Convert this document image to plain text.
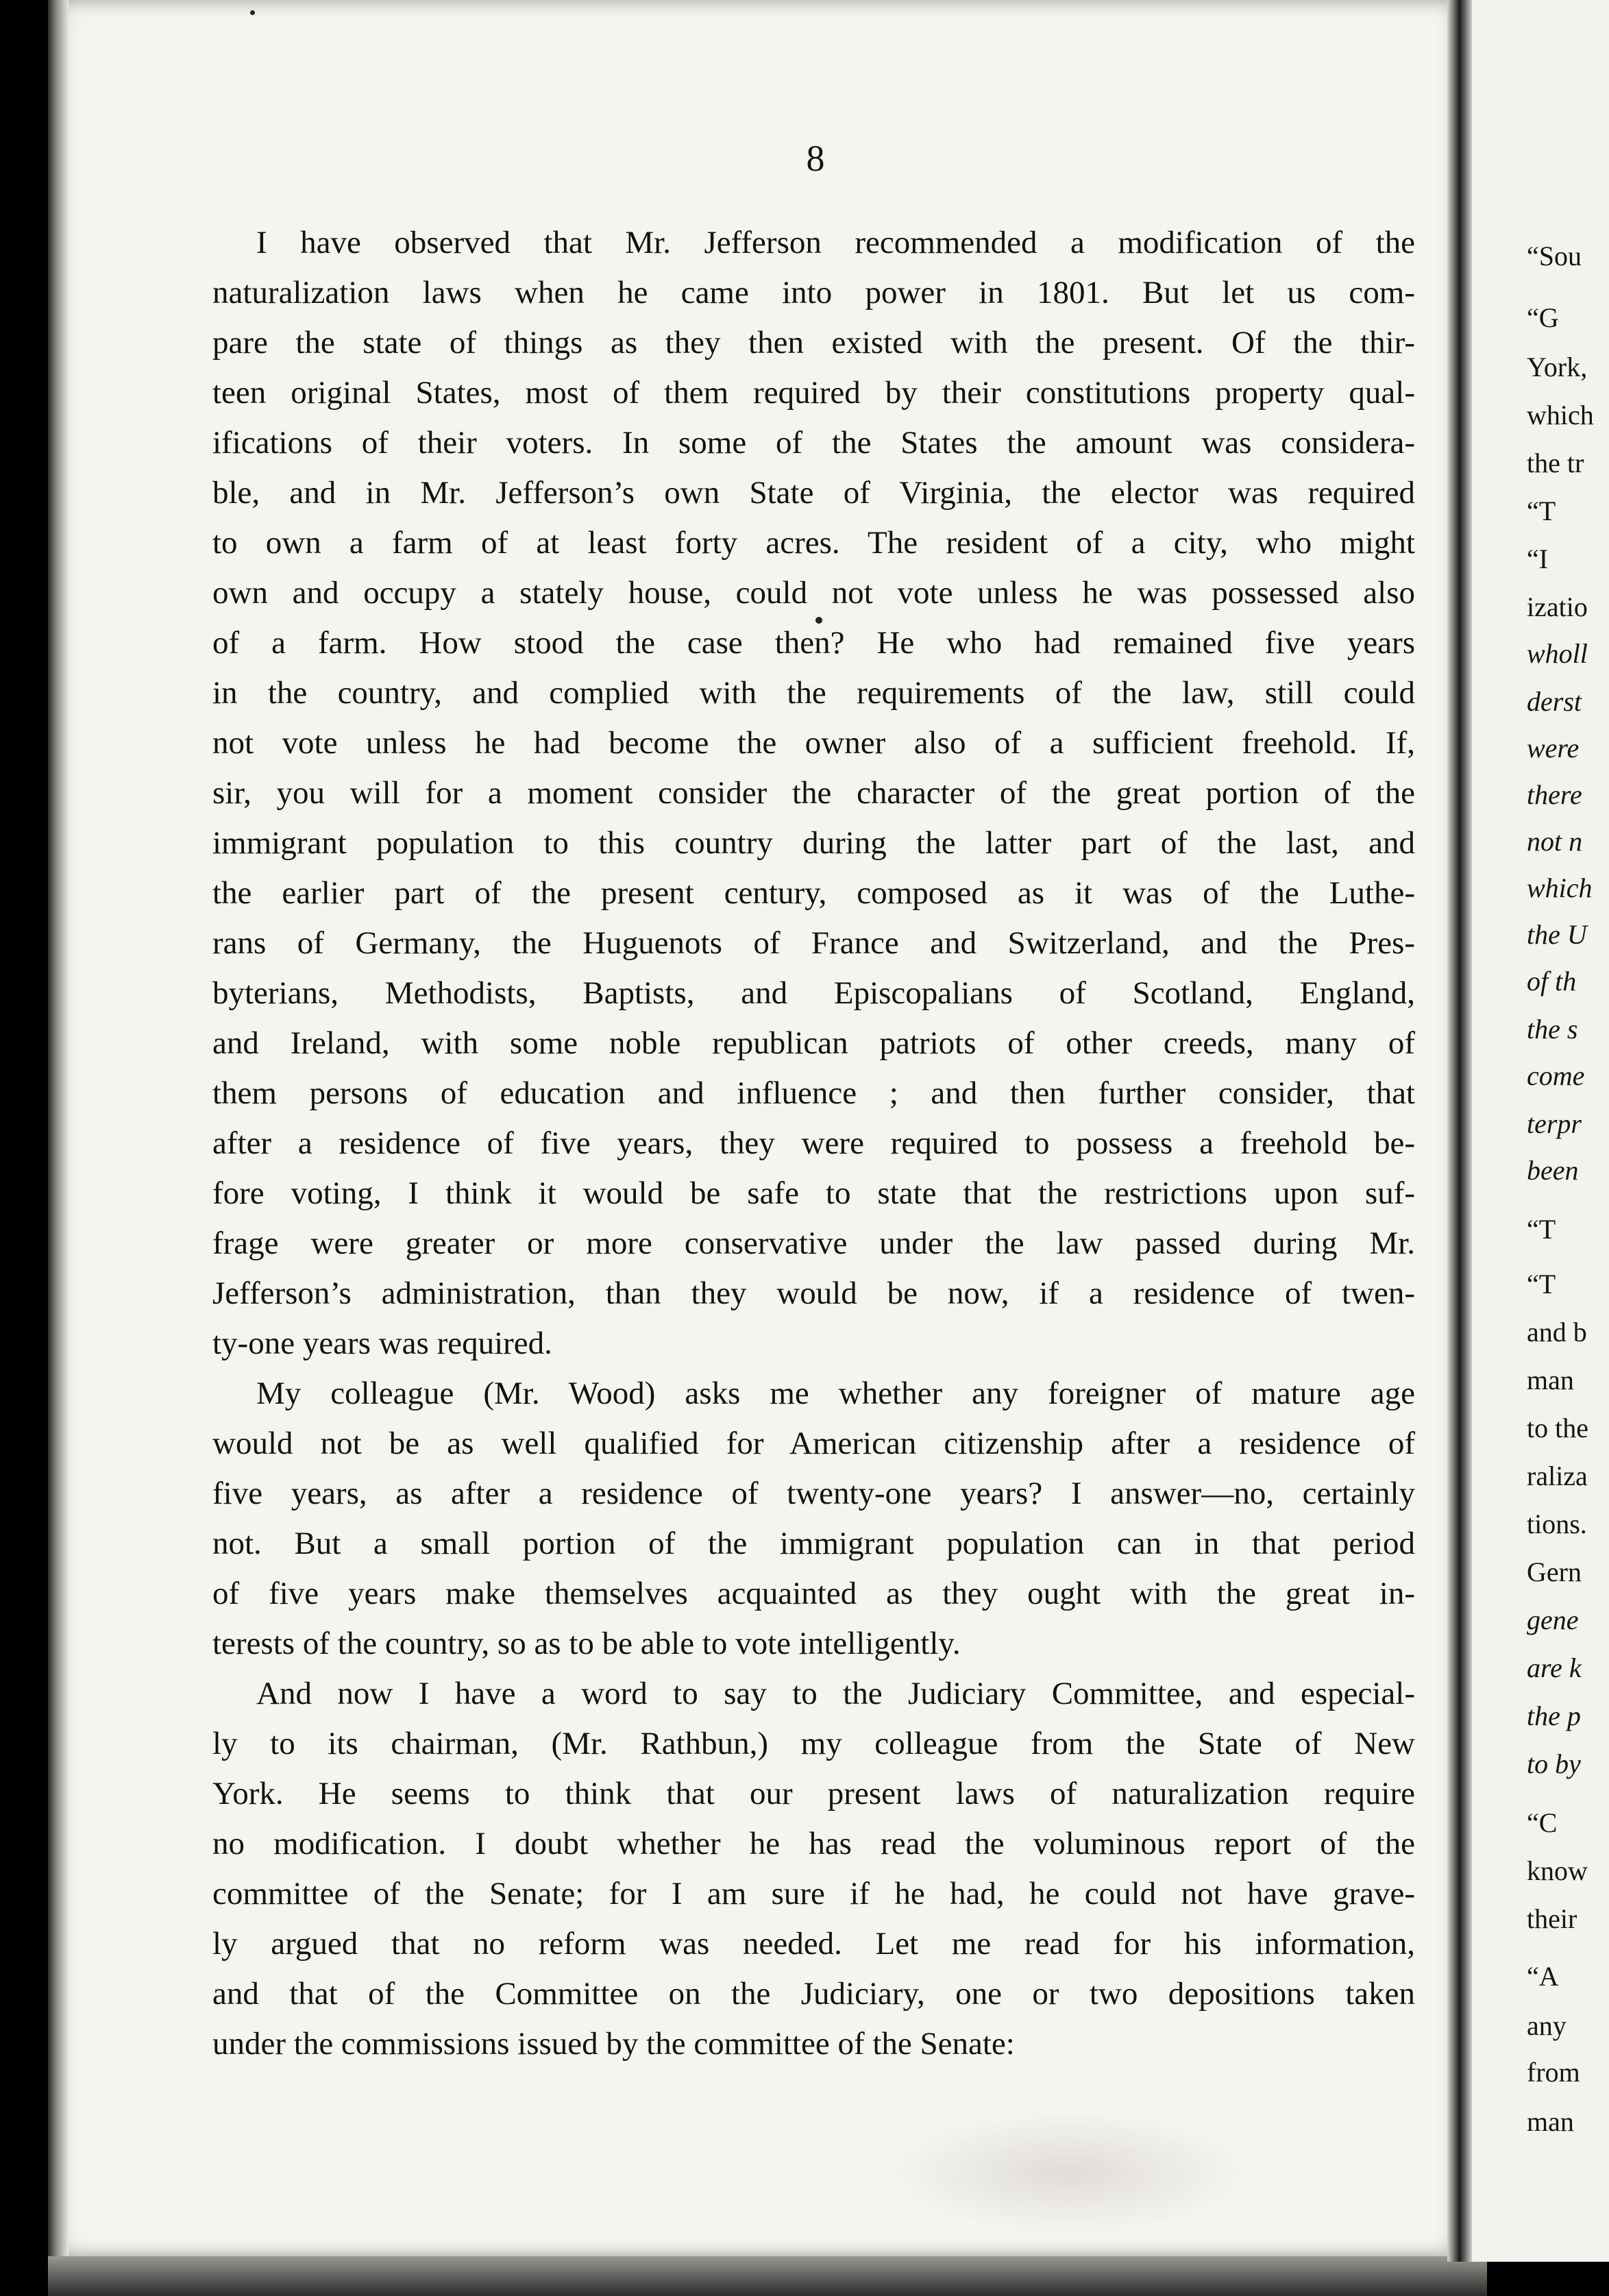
8
I have observed that Mr. Jefferson recommended a modification of the
naturalization laws when he came into power in 1801. But let us com-
pare the state of things as they then existed with the present. Of the thir-
teen original States, most of them required by their constitutions property qual-
ifications of their voters. In some of the States the amount was considera-
ble, and in Mr. Jefferson’s own State of Virginia, the elector was required
to own a farm of at least forty acres. The resident of a city, who might
own and occupy a stately house, could not vote unless he was possessed also
of a farm. How stood the case then? He who had remained five years
in the country, and complied with the requirements of the law, still could
not vote unless he had become the owner also of a sufficient freehold. If,
sir, you will for a moment consider the character of the great portion of the
immigrant population to this country during the latter part of the last, and
the earlier part of the present century, composed as it was of the Luthe-
rans of Germany, the Huguenots of France and Switzerland, and the Pres-
byterians, Methodists, Baptists, and Episcopalians of Scotland, England,
and Ireland, with some noble republican patriots of other creeds, many of
them persons of education and influence ; and then further consider, that
after a residence of five years, they were required to possess a freehold be-
fore voting, I think it would be safe to state that the restrictions upon suf-
frage were greater or more conservative under the law passed during Mr.
Jefferson’s administration, than they would be now, if a residence of twen-
ty-one years was required.
My colleague (Mr. Wood) asks me whether any foreigner of mature age
would not be as well qualified for American citizenship after a residence of
five years, as after a residence of twenty-one years? I answer—no, certainly
not. But a small portion of the immigrant population can in that period
of five years make themselves acquainted as they ought with the great in-
terests of the country, so as to be able to vote intelligently.
And now I have a word to say to the Judiciary Committee, and especial-
ly to its chairman, (Mr. Rathbun,) my colleague from the State of New
York. He seems to think that our present laws of naturalization require
no modification. I doubt whether he has read the voluminous report of the
committee of the Senate; for I am sure if he had, he could not have grave-
ly argued that no reform was needed. Let me read for his information,
and that of the Committee on the Judiciary, one or two depositions taken
under the commissions issued by the committee of the Senate:
“Sou
“G
York,
which
the tr
“T
“I
izatio
wholl
derst
were
there
not n
which
the U
of th
the s
come
terpr
been
“T
“T
and b
man
to the
raliza
tions.
Gern
gene
are k
the p
to by
“C
know
their
“A
any
from
man
